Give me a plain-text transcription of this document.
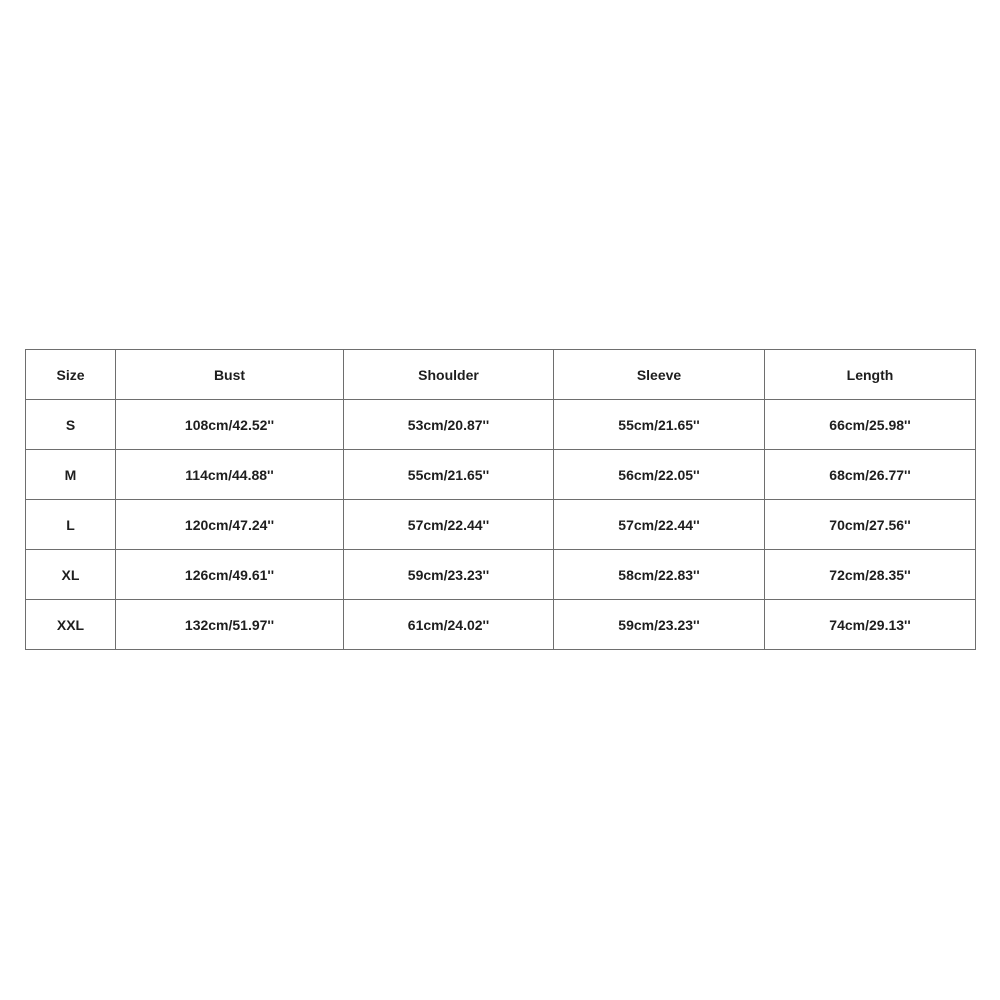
Size	Bust	Shoulder	Sleeve	Length
S	108cm/42.52''	53cm/20.87''	55cm/21.65''	66cm/25.98''
M	114cm/44.88''	55cm/21.65''	56cm/22.05''	68cm/26.77''
L	120cm/47.24''	57cm/22.44''	57cm/22.44''	70cm/27.56''
XL	126cm/49.61''	59cm/23.23''	58cm/22.83''	72cm/28.35''
XXL	132cm/51.97''	61cm/24.02''	59cm/23.23''	74cm/29.13''
